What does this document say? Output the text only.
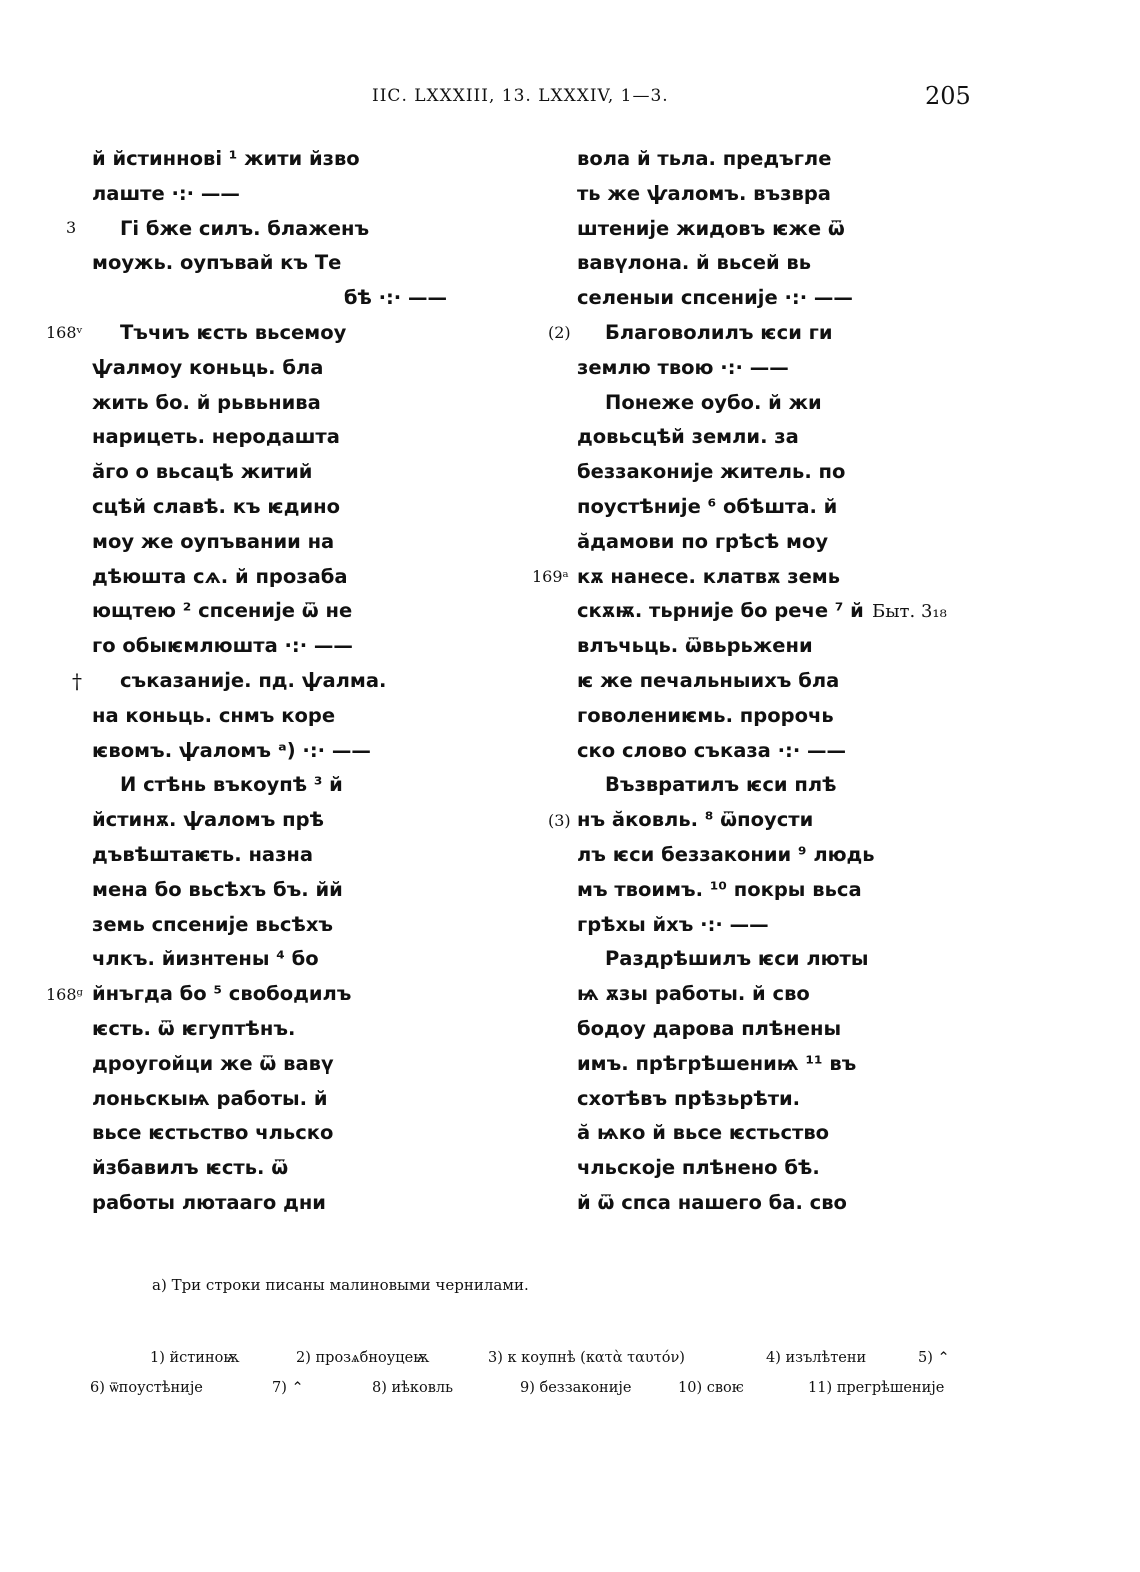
ІІС. LXXXIII, 13. LXXXIV, 1—3.	205
3
168ᵛ
†
168ᵍ
(2)
169ᵃ
(3)
Быт. 3₁₈
й йстиннові ¹ жити йзво
лаште ·:· ——
Гі бже силъ. блаженъ
моужь. оупъвай къ Те
бѣ ·:· ——
Тъчиъ ѥсть вьсемоу
ѱалмоу коньць. бла
жить бо. й рьвьнива
нарицеть. неродашта
ӑго о вьсацѣ житий
сцѣй славѣ. къ ѥдино
моу же оупъвании на
дѣюшта сѧ. й прозаба
ющтею ² спсеније ѿ не
го обыѥмлюшта ·:· ——
съказаније. пд. ѱалма.
на коньць. снмъ коре
ѥвомъ. ѱаломъ ᵃ) ·:· ——
И стѣнь въкоупѣ ³ й
йстинѫ. ѱаломъ прѣ
дъвѣштаѥть. назна
мена бо вьсѣхъ бъ. йй
земь спсеније вьсѣхъ
члкъ. йизнтены ⁴ бо
йнъгда бо ⁵ свободилъ
ѥсть. ѿ ѥгуптѣнъ.
дроугойци же ѿ вавү
лоньскыѩ работы. й
вьсе ѥстьство чльско
йзбавилъ ѥсть. ѿ
работы лютааго дни
вола й тьла. предъгле
ть же ѱаломъ. възвра
штеније жидовъ ѥже ѿ
вавүлона. й вьсей вь
селеныи спсеније ·:· ——
Благоволилъ ѥси ги
землю твою ·:· ——
Понеже оубо. й жи
довьсцѣй земли. за
беззаконије житель. по
поустѣније ⁶ обѣшта. й
ӑдамови по грѣсѣ моу
кѫ нанесе. клатвѫ земь
скѫѭ. тьрније бо рече ⁷ й
влъчьць. ѿвьрьжени
ѥ же печальныихъ бла
говолениѥмь. пророчь
ско слово съказа ·:· ——
Възвратилъ ѥси плѣ
нъ ӑковль. ⁸ ѿпоусти
лъ ѥси беззаконии ⁹ людь
мъ твоимъ. ¹⁰ покры вьса
грѣхы йхъ ·:· ——
Раздрѣшилъ ѥси люты
ѩ ѫзы работы. й сво
бодоу дарова плѣнены
имъ. прѣгрѣшениѩ ¹¹ въ
схотѣвъ прѣзьрѣти.
ӑ ѩко й вьсе ѥстьство
чльскоје плѣнено бѣ.
й ѿ спса нашего ба. сво
a) Три строки писаны малиновыми чернилами.
1) йстиноѭ	2) прозѧбноуцеѭ	3) к коупнѣ (κατὰ ταυτόν)	4) изълѣтени	5) ⌃
6) ѿпоустѣније	7) ⌃	8) иѣковль	9) беззаконије	10) своѥ	11) прегрѣшеније
